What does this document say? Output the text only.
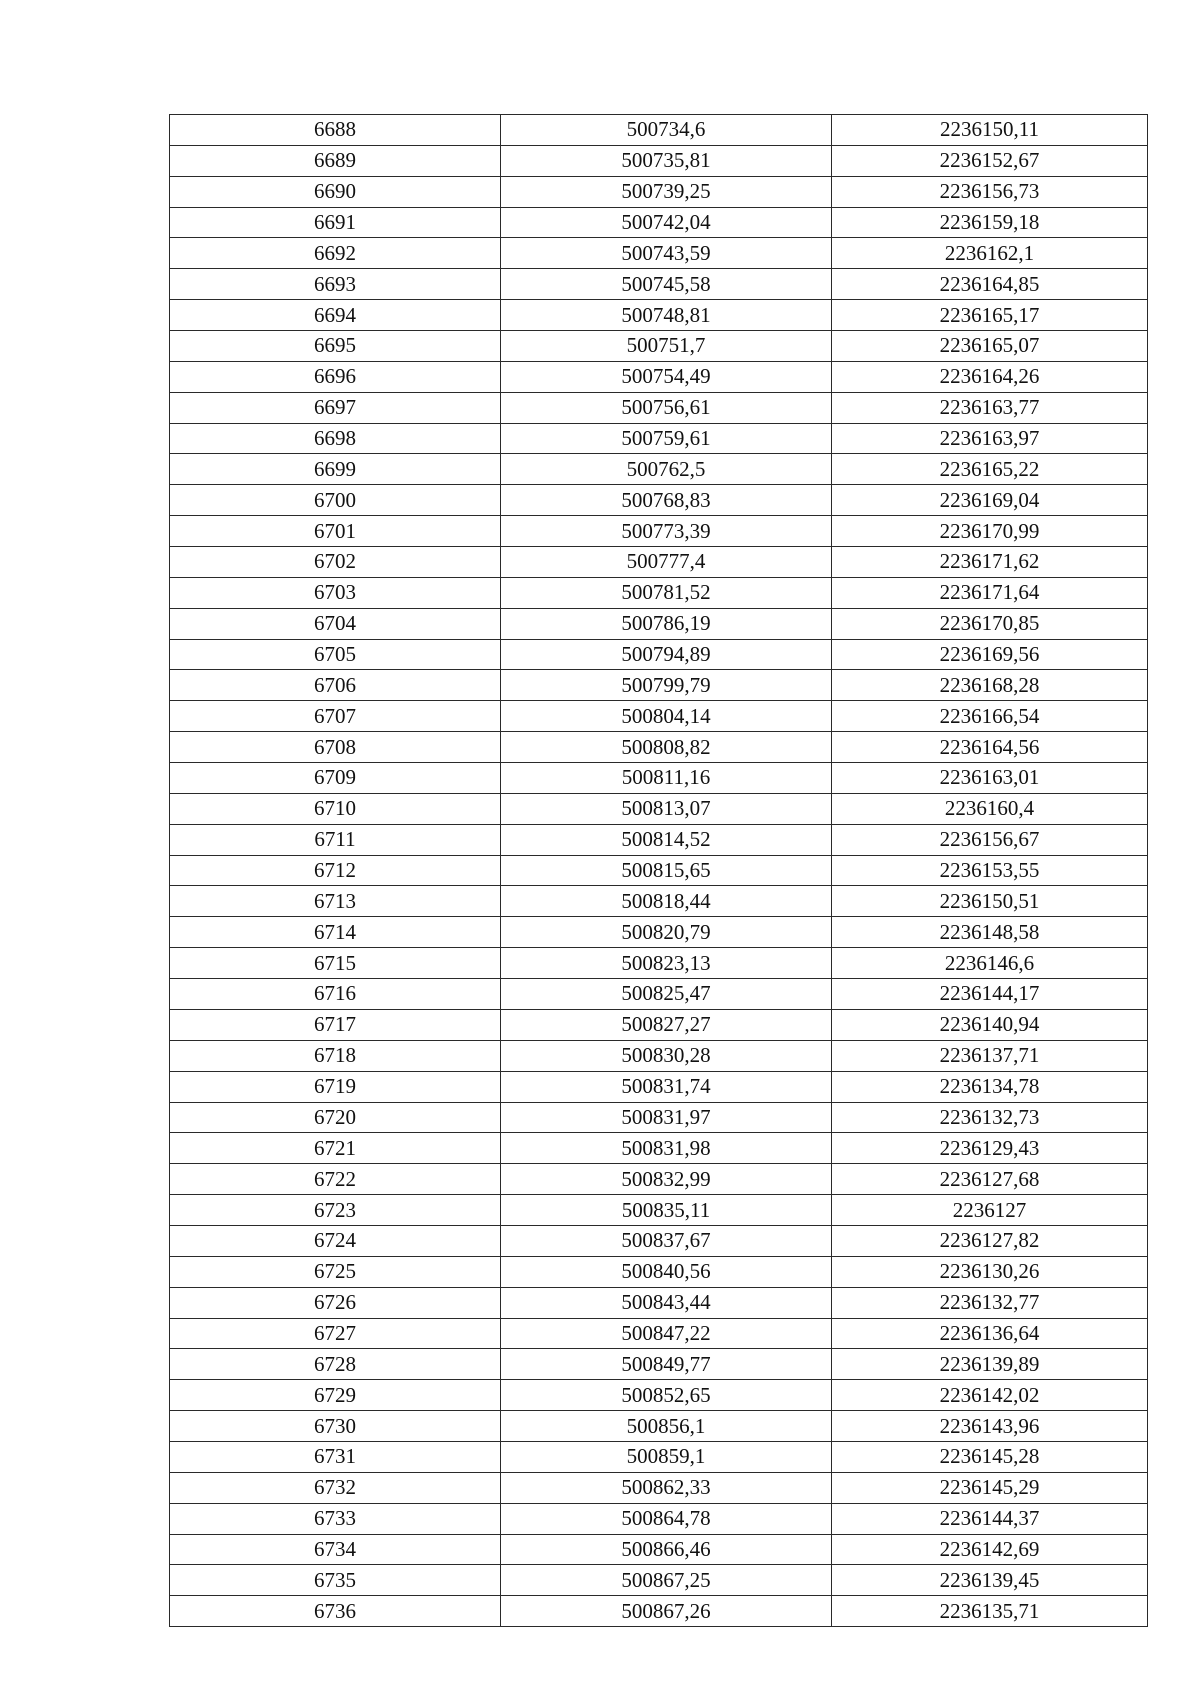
6688	500734,6	2236150,11
6689	500735,81	2236152,67
6690	500739,25	2236156,73
6691	500742,04	2236159,18
6692	500743,59	2236162,1
6693	500745,58	2236164,85
6694	500748,81	2236165,17
6695	500751,7	2236165,07
6696	500754,49	2236164,26
6697	500756,61	2236163,77
6698	500759,61	2236163,97
6699	500762,5	2236165,22
6700	500768,83	2236169,04
6701	500773,39	2236170,99
6702	500777,4	2236171,62
6703	500781,52	2236171,64
6704	500786,19	2236170,85
6705	500794,89	2236169,56
6706	500799,79	2236168,28
6707	500804,14	2236166,54
6708	500808,82	2236164,56
6709	500811,16	2236163,01
6710	500813,07	2236160,4
6711	500814,52	2236156,67
6712	500815,65	2236153,55
6713	500818,44	2236150,51
6714	500820,79	2236148,58
6715	500823,13	2236146,6
6716	500825,47	2236144,17
6717	500827,27	2236140,94
6718	500830,28	2236137,71
6719	500831,74	2236134,78
6720	500831,97	2236132,73
6721	500831,98	2236129,43
6722	500832,99	2236127,68
6723	500835,11	2236127
6724	500837,67	2236127,82
6725	500840,56	2236130,26
6726	500843,44	2236132,77
6727	500847,22	2236136,64
6728	500849,77	2236139,89
6729	500852,65	2236142,02
6730	500856,1	2236143,96
6731	500859,1	2236145,28
6732	500862,33	2236145,29
6733	500864,78	2236144,37
6734	500866,46	2236142,69
6735	500867,25	2236139,45
6736	500867,26	2236135,71
